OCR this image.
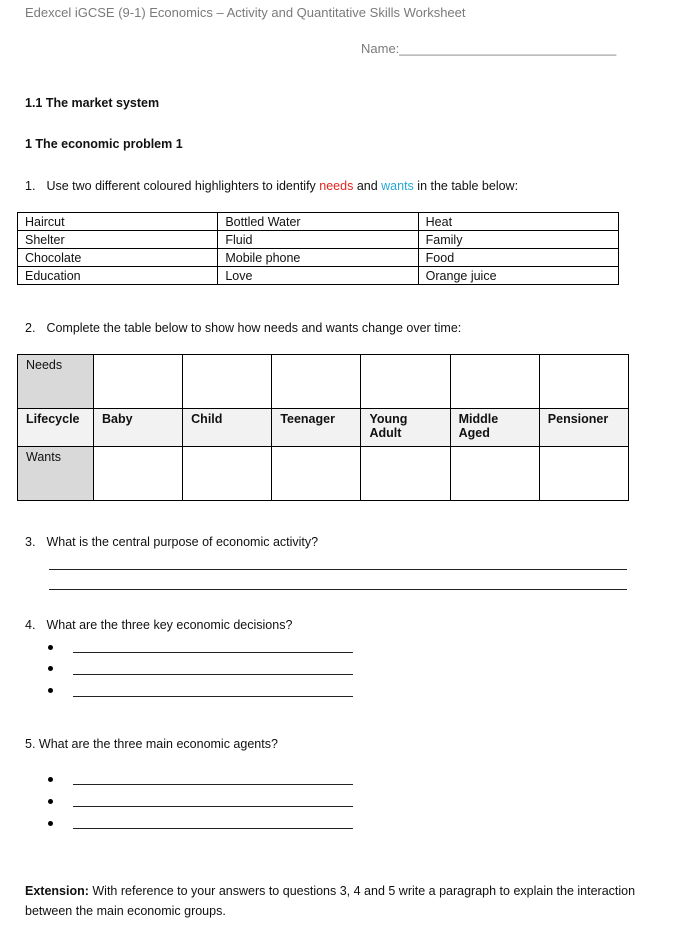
Edexcel iGCSE (9-1) Economics – Activity and Quantitative Skills Worksheet
Name:______________________________
1.1 The market system
1 The economic problem 1
1. Use two different coloured highlighters to identify needs and wants in the table below:
Haircut	Bottled Water	Heat
Shelter	Fluid	Family
Chocolate	Mobile phone	Food
Education	Love	Orange juice
2. Complete the table below to show how needs and wants change over time:
Needs						
Lifecycle	Baby	Child	Teenager	Young Adult	Middle Aged	Pensioner
Wants						
3. What is the central purpose of economic activity?
4. What are the three key economic decisions?
5. What are the three main economic agents?
Extension: With reference to your answers to questions 3, 4 and 5 write a paragraph to explain the interaction between the main economic groups.
